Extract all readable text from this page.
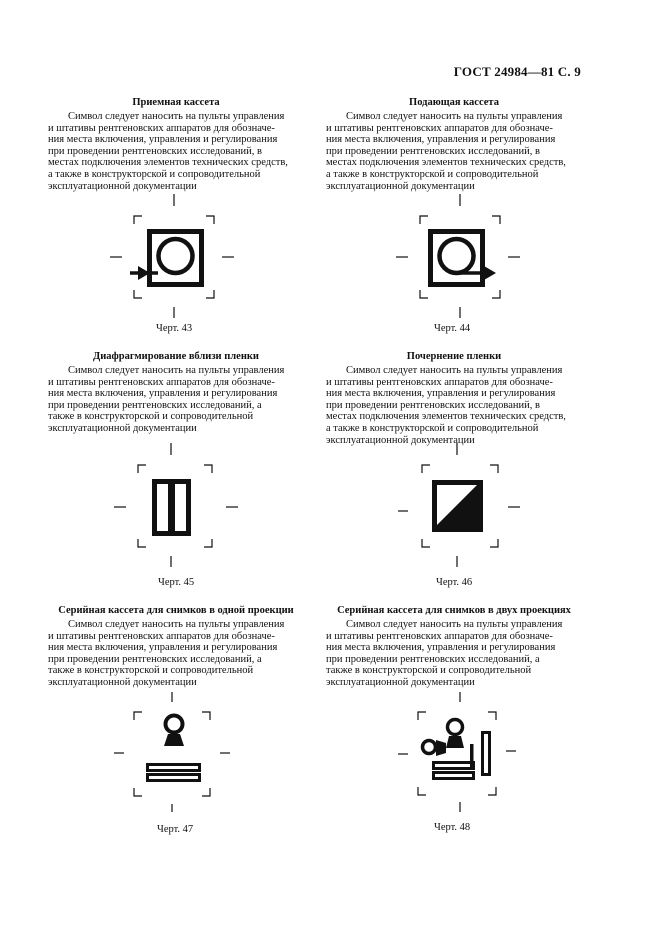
ГОСТ 24984—81 С. 9
Приемная кассета
Символ следует наносить на пульты управления
и штативы рентгеновских аппаратов для обозначе-
ния места включения, управления и регулирования
при проведении рентгеновских исследований, в
местах подключения элементов технических средств,
а также в конструкторской и сопроводительной
эксплуатационной документации
Подающая кассета
Символ следует наносить на пульты управления
и штативы рентгеновских аппаратов для обозначе-
ния места включения, управления и регулирования
при проведении рентгеновских исследований, в
местах подключения элементов технических средств,
а также в конструкторской и сопроводительной
эксплуатационной документации
Черт. 43	Черт. 44
Диафрагмирование вблизи пленки
Символ следует наносить на пульты управления
и штативы рентгеновских аппаратов для обозначе-
ния места включения, управления и регулирования
при проведении рентгеновских исследований, а
также в конструкторской и сопроводительной
эксплуатационной документации
Почернение пленки
Символ следует наносить на пульты управления
и штативы рентгеновских аппаратов для обозначе-
ния места включения, управления и регулирования
при проведении рентгеновских исследований, в
местах подключения элементов технических средств,
а также в конструкторской и сопроводительной
эксплуатационной документации
Черт. 45	Черт. 46
Серийная кассета для снимков в одной проекции
Символ следует наносить на пульты управления
и штативы рентгеновских аппаратов для обозначе-
ния места включения, управления и регулирования
при проведении рентгеновских исследований, а
также в конструкторской и сопроводительной
эксплуатационной документации
Серийная кассета для снимков в двух проекциях
Символ следует наносить на пульты управления
и штативы рентгеновских аппаратов для обозначе-
ния места включения, управления и регулирования
при проведении рентгеновских исследований, а
также в конструкторской и сопроводительной
эксплуатационной документации
Черт. 47	Черт. 48
